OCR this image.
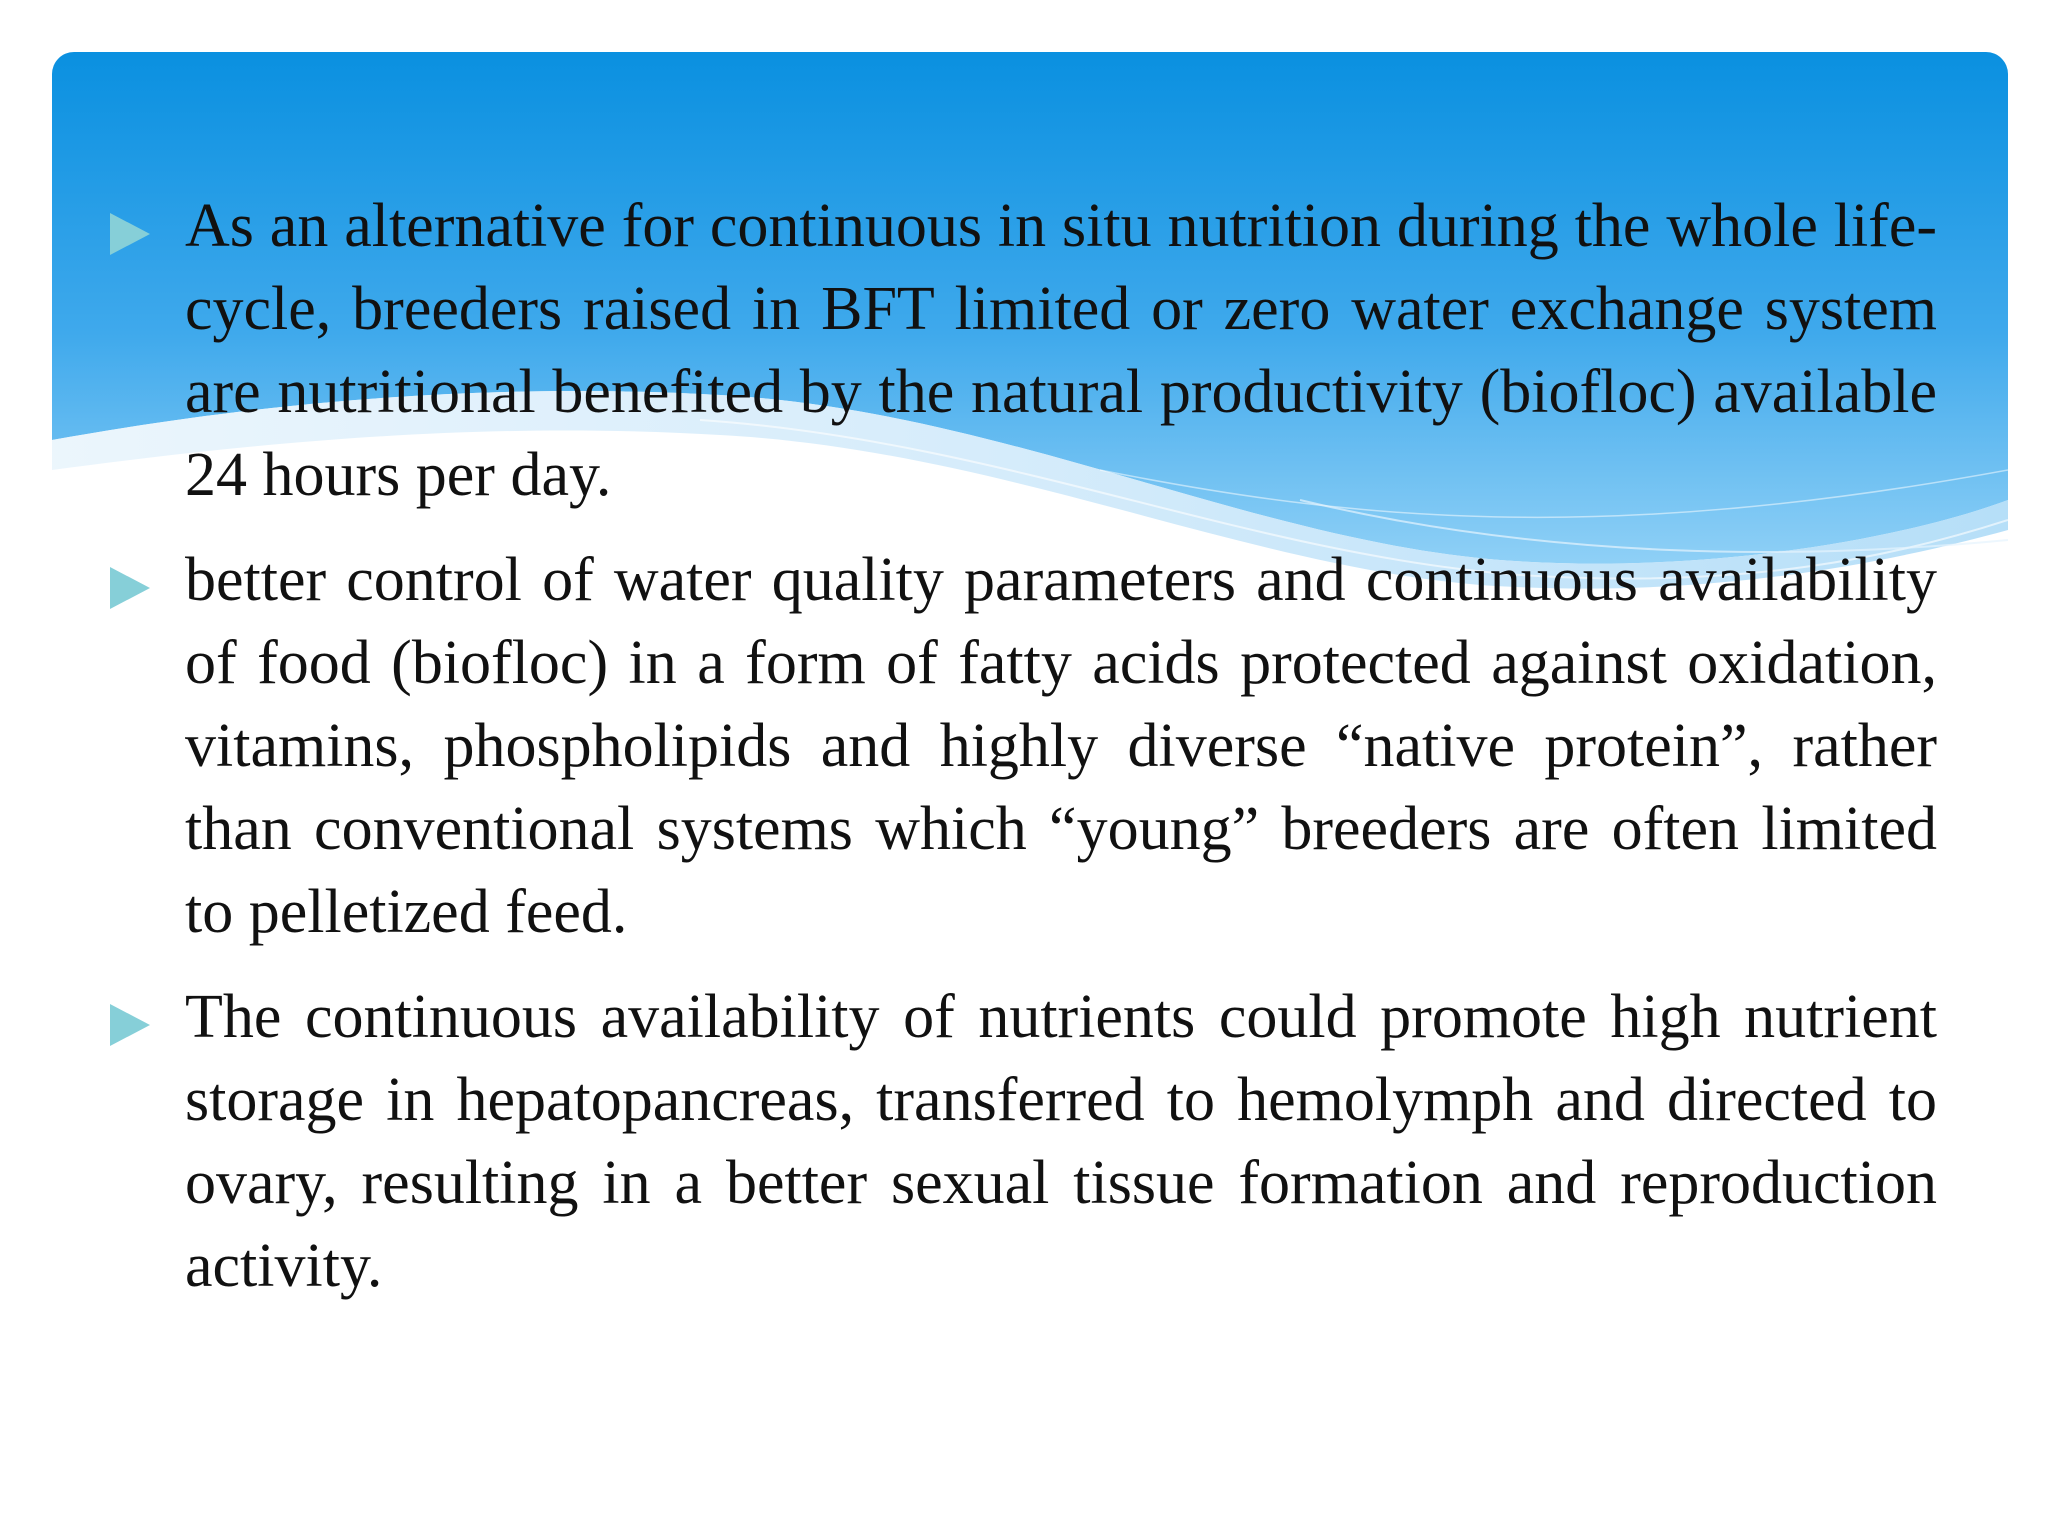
As an alternative for continuous in situ nutrition during the whole life-cycle, breeders raised in BFT limited or zero water exchange system are nutritional benefited by the natural productivity (biofloc) available 24 hours per day.
better control of water quality parameters and continuous availability of food (biofloc) in a form of fatty acids protected against oxidation, vitamins, phospholipids and highly diverse “native protein”, rather than conventional systems which “young” breeders are often limited to pelletized feed.
The continuous availability of nutrients could promote high nutrient storage in hepatopancreas, transferred to hemolymph and directed to ovary, resulting in a better sexual tissue formation and reproduction activity.
